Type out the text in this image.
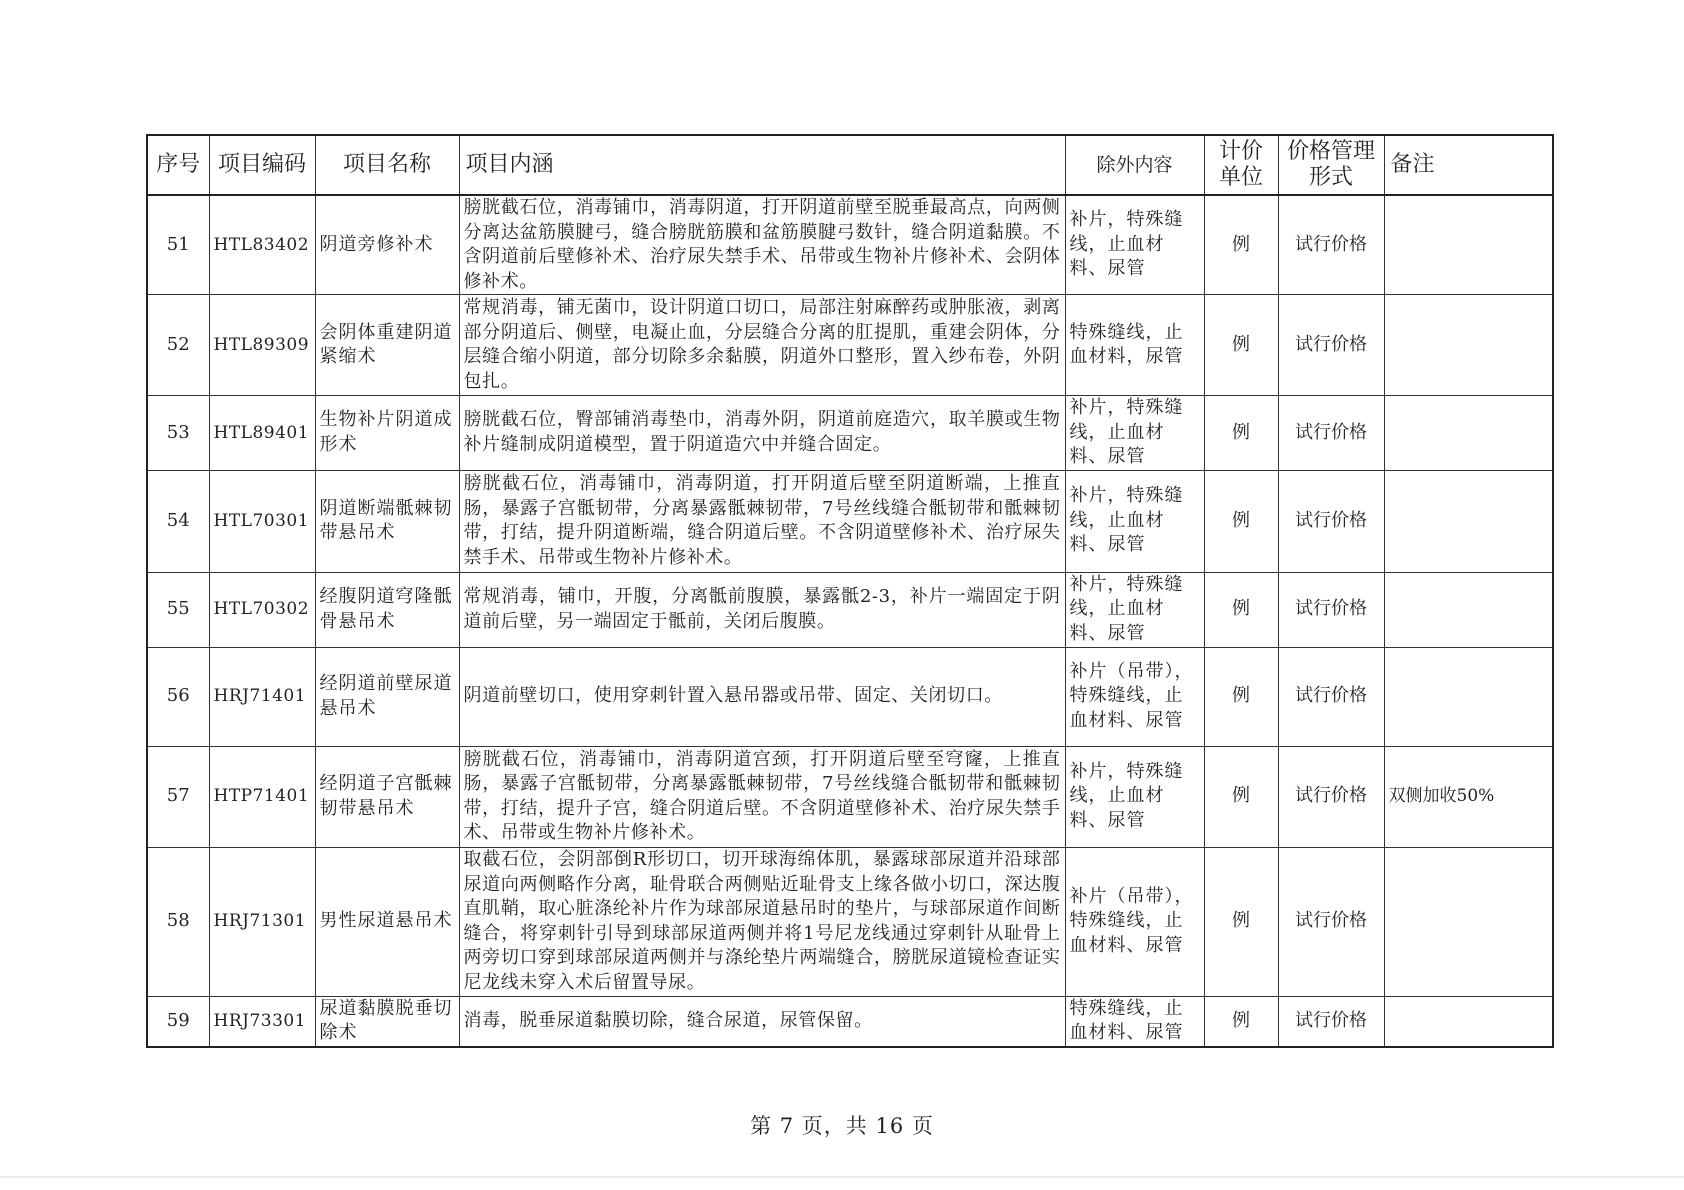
序号	项目编码	项目名称	项目内涵	除外内容	计价单位	价格管理形式	备注
51	HTL83402	阴道旁修补术	膀胱截石位，消毒铺巾，消毒阴道，打开阴道前壁至脱垂最高点，向两侧分离达盆筋膜腱弓，缝合膀胱筋膜和盆筋膜腱弓数针，缝合阴道黏膜。不含阴道前后壁修补术、治疗尿失禁手术、吊带或生物补片修补术、会阴体修补术。	补片，特殊缝线，止血材料、尿管	例	试行价格	
52	HTL89309	会阴体重建阴道紧缩术	常规消毒，铺无菌巾，设计阴道口切口，局部注射麻醉药或肿胀液，剥离部分阴道后、侧壁，电凝止血，分层缝合分离的肛提肌，重建会阴体，分层缝合缩小阴道，部分切除多余黏膜，阴道外口整形，置入纱布卷，外阴包扎。	特殊缝线，止血材料，尿管	例	试行价格	
53	HTL89401	生物补片阴道成形术	膀胱截石位，臀部铺消毒垫巾，消毒外阴，阴道前庭造穴，取羊膜或生物补片缝制成阴道模型，置于阴道造穴中并缝合固定。	补片，特殊缝线，止血材料、尿管	例	试行价格	
54	HTL70301	阴道断端骶棘韧带悬吊术	膀胱截石位，消毒铺巾，消毒阴道，打开阴道后壁至阴道断端，上推直肠，暴露子宫骶韧带，分离暴露骶棘韧带，7号丝线缝合骶韧带和骶棘韧带，打结，提升阴道断端，缝合阴道后壁。不含阴道壁修补术、治疗尿失禁手术、吊带或生物补片修补术。	补片，特殊缝线，止血材料、尿管	例	试行价格	
55	HTL70302	经腹阴道穹隆骶骨悬吊术	常规消毒，铺巾，开腹，分离骶前腹膜，暴露骶2-3，补片一端固定于阴道前后壁，另一端固定于骶前，关闭后腹膜。	补片，特殊缝线，止血材料、尿管	例	试行价格	
56	HRJ71401	经阴道前壁尿道悬吊术	阴道前壁切口，使用穿刺针置入悬吊器或吊带、固定、关闭切口。	补片（吊带），特殊缝线，止血材料、尿管	例	试行价格	
57	HTP71401	经阴道子宫骶棘韧带悬吊术	膀胱截石位，消毒铺巾，消毒阴道宫颈，打开阴道后壁至穹窿，上推直肠，暴露子宫骶韧带，分离暴露骶棘韧带，7号丝线缝合骶韧带和骶棘韧带，打结，提升子宫，缝合阴道后壁。不含阴道壁修补术、治疗尿失禁手术、吊带或生物补片修补术。	补片，特殊缝线，止血材料、尿管	例	试行价格	双侧加收50%
58	HRJ71301	男性尿道悬吊术	取截石位，会阴部倒R形切口，切开球海绵体肌，暴露球部尿道并沿球部尿道向两侧略作分离，耻骨联合两侧贴近耻骨支上缘各做小切口，深达腹直肌鞘，取心脏涤纶补片作为球部尿道悬吊时的垫片，与球部尿道作间断缝合，将穿刺针引导到球部尿道两侧并将1号尼龙线通过穿刺针从耻骨上两旁切口穿到球部尿道两侧并与涤纶垫片两端缝合，膀胱尿道镜检查证实尼龙线未穿入术后留置导尿。	补片（吊带），特殊缝线，止血材料、尿管	例	试行价格	
59	HRJ73301	尿道黏膜脱垂切除术	消毒，脱垂尿道黏膜切除，缝合尿道，尿管保留。	特殊缝线，止血材料、尿管	例	试行价格	
第 7 页，共 16 页
